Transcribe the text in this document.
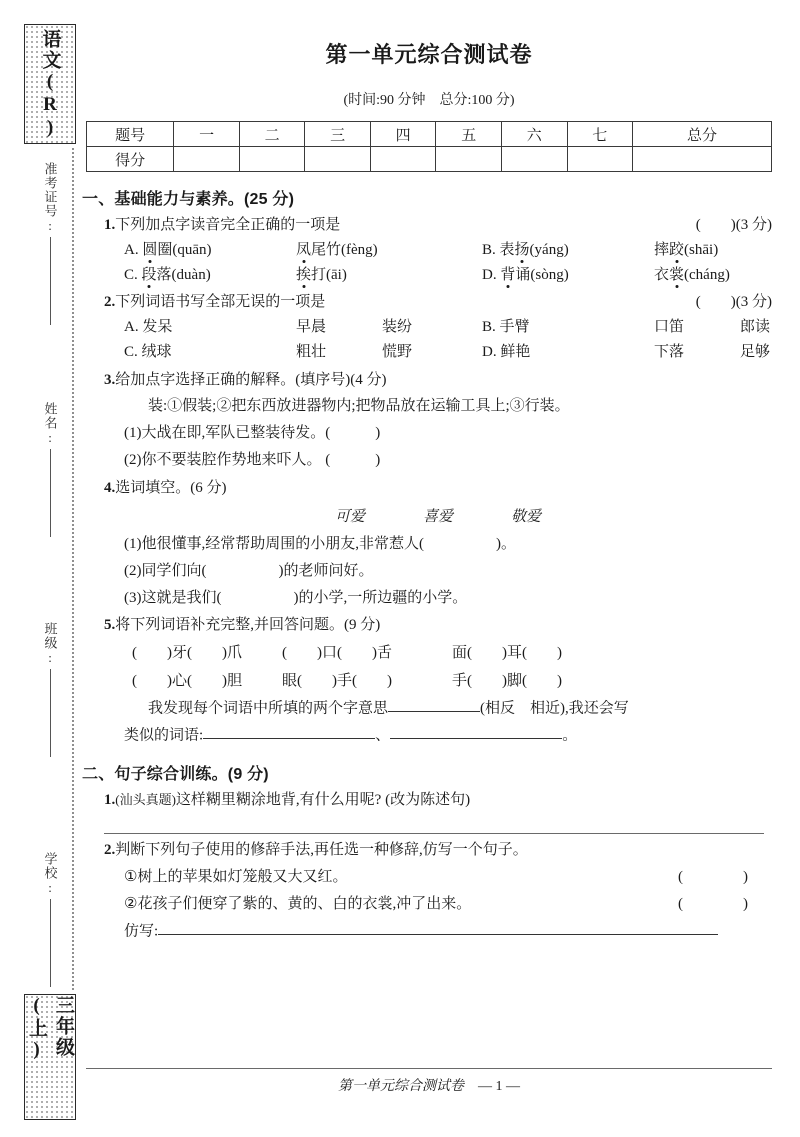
语文(R)
准考证号:
姓名:
班级:
学校:
三年级(上)
第一单元综合测试卷
(时间:90 分钟　总分:100 分)
题号	一	二	三	四	五	六	七	总分
得分								
一、基础能力与素养。(25 分)
1. 下列加点字读音完全正确的一项是	(　　) (3 分)
A. 圆圈(quān)	凤尾竹(fèng)	B. 表扬(yáng)	摔跤(shāi)
C. 段落(duàn)	挨打(āi)	D. 背诵(sòng)	衣裳(cháng)
2. 下列词语书写全部无误的一项是	(　　) (3 分)
A. 发呆	早晨	装纷	B. 手臂	口笛	郎读
C. 绒球	粗壮	慌野	D. 鲜艳	下落	足够
3. 给加点字选择正确的解释。(填序号)(4 分)
装:①假装;②把东西放进器物内;把物品放在运输工具上;③行装。
(1)大战在即,军队已整装待发。(　　　)
(2)你不要装腔作势地来吓人。 (　　　)
4. 选词填空。(6 分)
可爱	喜爱	敬爱
(1)他很懂事,经常帮助周围的小朋友,非常惹人(	)。
(2)同学们向(	)的老师问好。
(3)这就是我们(	)的小学,一所边疆的小学。
5. 将下列词语补充完整,并回答问题。(9 分)
(　　)牙(　　)爪	(　　)口(　　)舌	面(　　)耳(　　)
(　　)心(　　)胆	眼(　　)手(　　)	手(　　)脚(　　)
我发现每个词语中所填的两个字意思	(相反　相近),我还会写
类似的词语:	、	。
二、句子综合训练。(9 分)
1. (汕头真题) 这样糊里糊涂地背,有什么用呢? (改为陈述句)
2. 判断下列句子使用的修辞手法,再任选一种修辞,仿写一个句子。
① 树上的苹果如灯笼般又大又红。	(　　　　)
② 花孩子们便穿了紫的、黄的、白的衣裳,冲了出来。	(　　　　)
仿写:
第一单元综合测试卷 — 1 —
